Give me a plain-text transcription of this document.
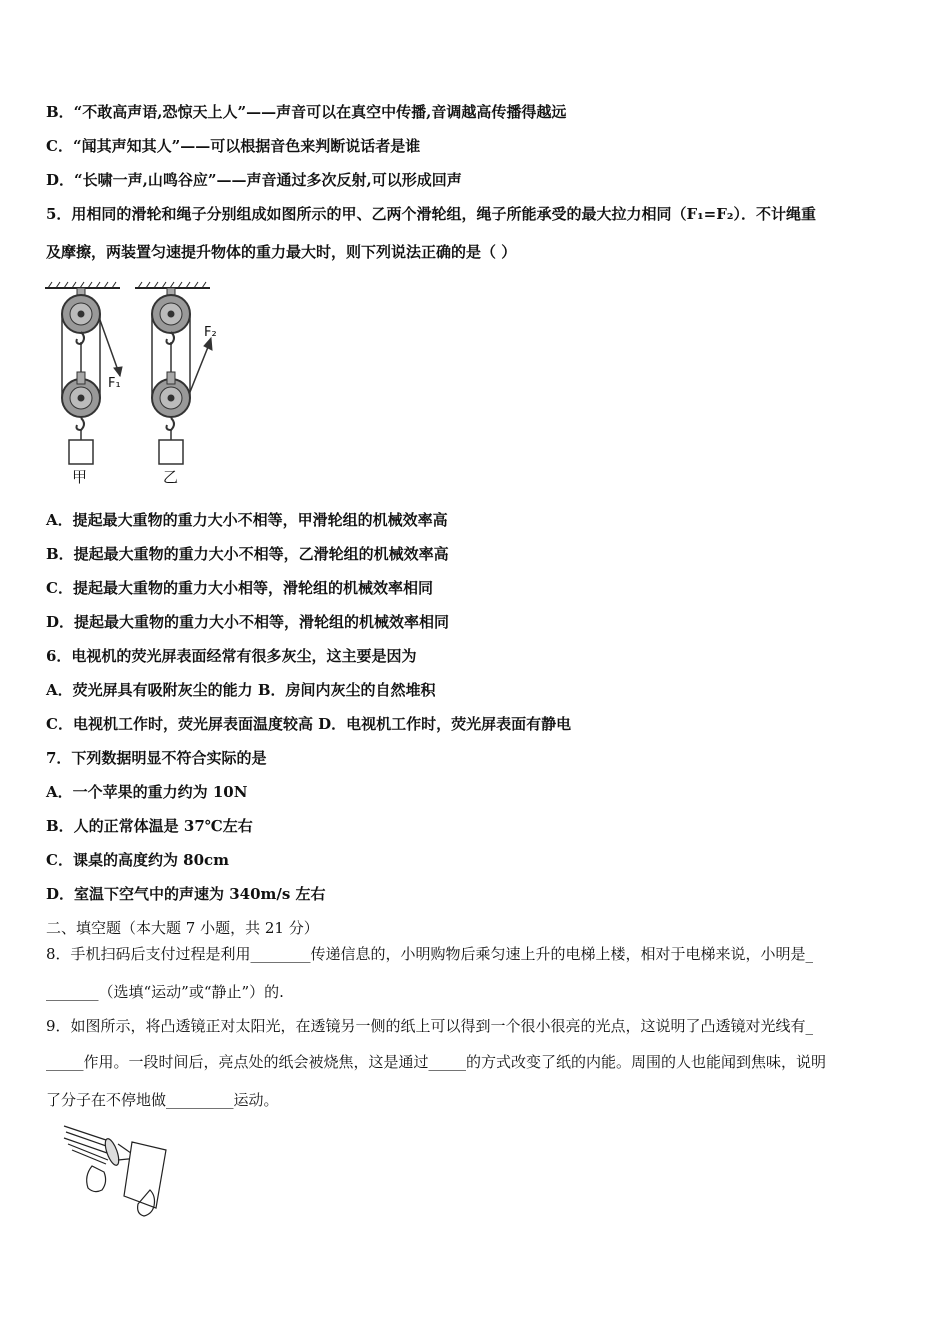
B．“不敢高声语,恐惊天上人”——声音可以在真空中传播,音调越高传播得越远
C．“闻其声知其人”——可以根据音色来判断说话者是谁
D．“长啸一声,山鸣谷应”——声音通过多次反射,可以形成回声
5．用相同的滑轮和绳子分别组成如图所示的甲、乙两个滑轮组，绳子所能承受的最大拉力相同（F₁=F₂）．不计绳重
及摩擦，两装置匀速提升物体的重力最大时，则下列说法正确的是（ ）
F₁
F₂
甲	乙
A．提起最大重物的重力大小不相等，甲滑轮组的机械效率高
B．提起最大重物的重力大小不相等，乙滑轮组的机械效率高
C．提起最大重物的重力大小相等，滑轮组的机械效率相同
D．提起最大重物的重力大小不相等，滑轮组的机械效率相同
6．电视机的荧光屏表面经常有很多灰尘，这主要是因为
A．荧光屏具有吸附灰尘的能力 B．房间内灰尘的自然堆积
C．电视机工作时，荧光屏表面温度较高 D．电视机工作时，荧光屏表面有静电
7．下列数据明显不符合实际的是
A．一个苹果的重力约为 10N
B．人的正常体温是 37℃左右
C．课桌的高度约为 80cm
D．室温下空气中的声速为 340m/s 左右
二、填空题（本大题 7 小题，共 21 分）
8．手机扫码后支付过程是利用________传递信息的，小明购物后乘匀速上升的电梯上楼，相对于电梯来说，小明是_
_______（选填“运动”或“静止”）的.
9．如图所示，将凸透镜正对太阳光，在透镜另一侧的纸上可以得到一个很小很亮的光点，这说明了凸透镜对光线有_
_____作用。一段时间后，亮点处的纸会被烧焦，这是通过_____的方式改变了纸的内能。周围的人也能闻到焦味，说明
了分子在不停地做_________运动。
